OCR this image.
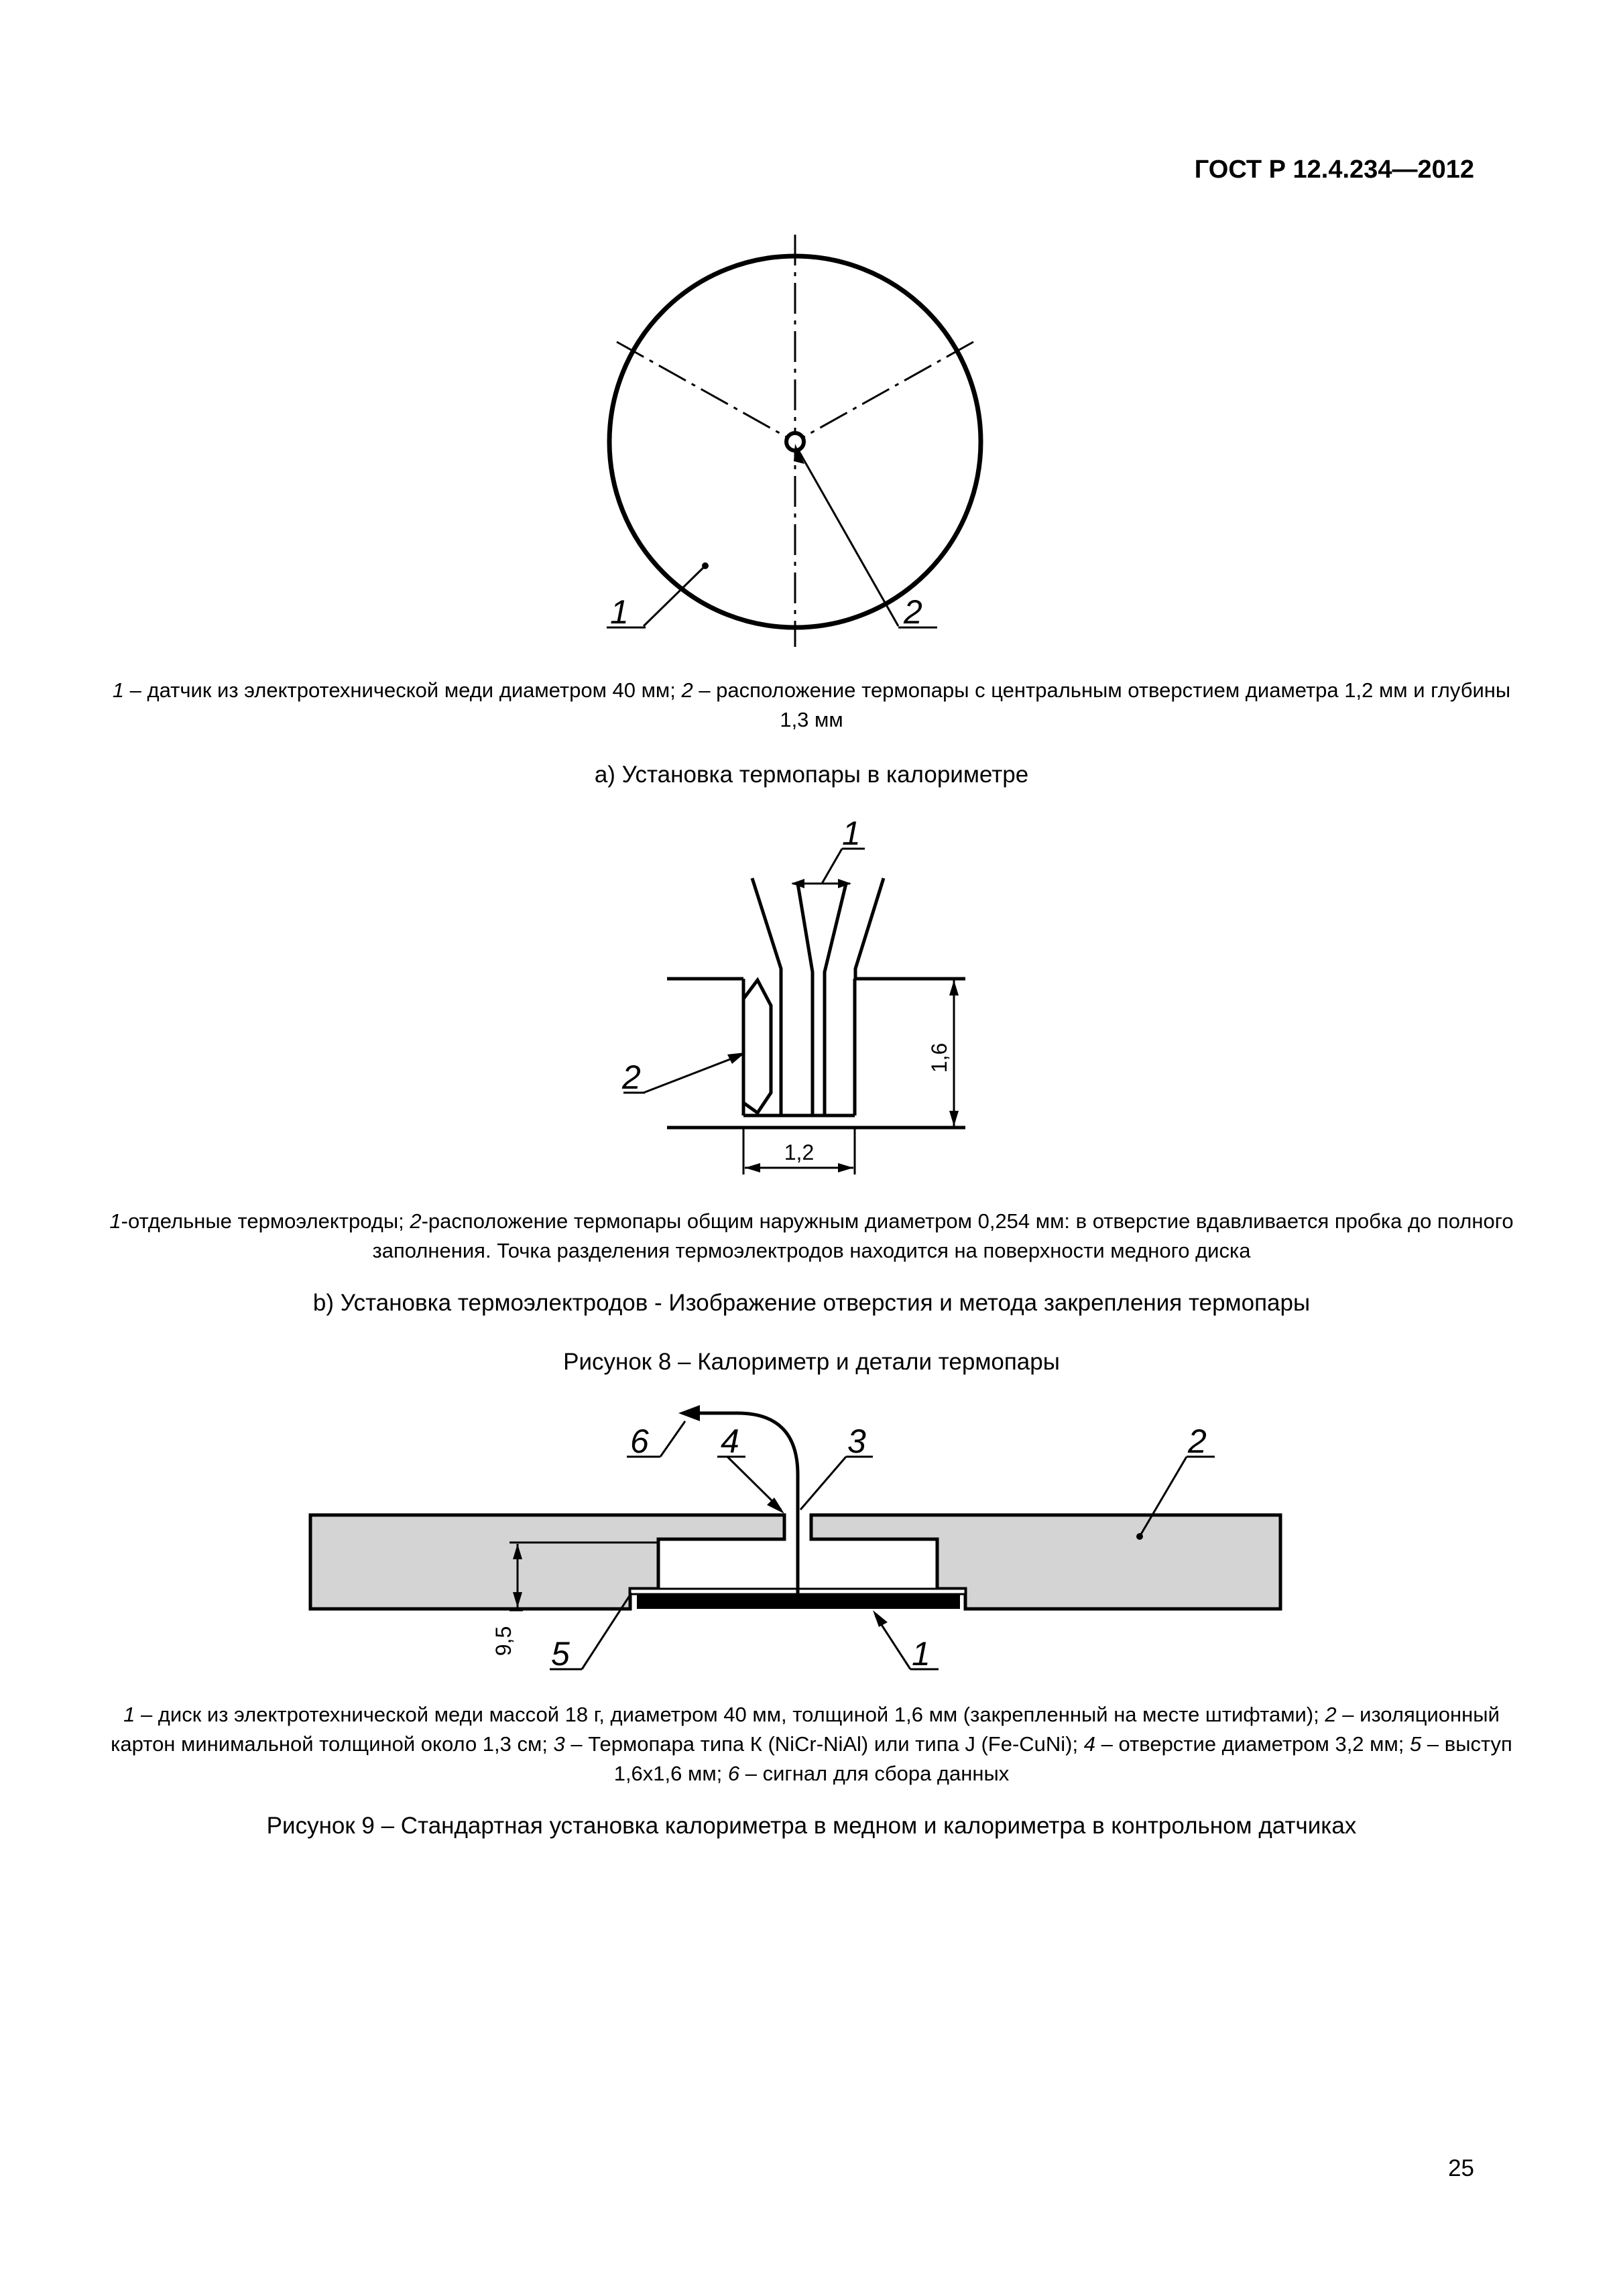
ГОСТ Р 12.4.234—2012
1	2
1 – датчик из электротехнической меди диаметром 40 мм; 2 – расположение термопары с центральным отверстием диаметра 1,2 мм и глубины 1,3 мм
а) Установка термопары в калориметре
1
2
1,6
1,2
1-отдельные термоэлектроды; 2-расположение термопары общим наружным диаметром 0,254 мм: в отверстие вдавливается пробка до полного заполнения. Точка разделения термоэлектродов находится на поверхности медного диска
b) Установка термоэлектродов - Изображение отверстия и метода закрепления термопары
Рисунок 8 – Калориметр и детали термопары
6 4	3	2
5	1
9,5
1 – диск из электротехнической меди массой 18 г, диаметром 40 мм, толщиной 1,6 мм (закрепленный на месте штифтами); 2 – изоляционный картон минимальной толщиной около 1,3 см; 3 – Термопара типа К (NiCr-NiAl) или типа J (Fe-CuNi); 4 – отверстие диаметром 3,2 мм; 5 – выступ 1,6х1,6 мм; 6 – сигнал для сбора данных
Рисунок 9 – Стандартная установка калориметра в медном и калориметра в контрольном датчиках
25
